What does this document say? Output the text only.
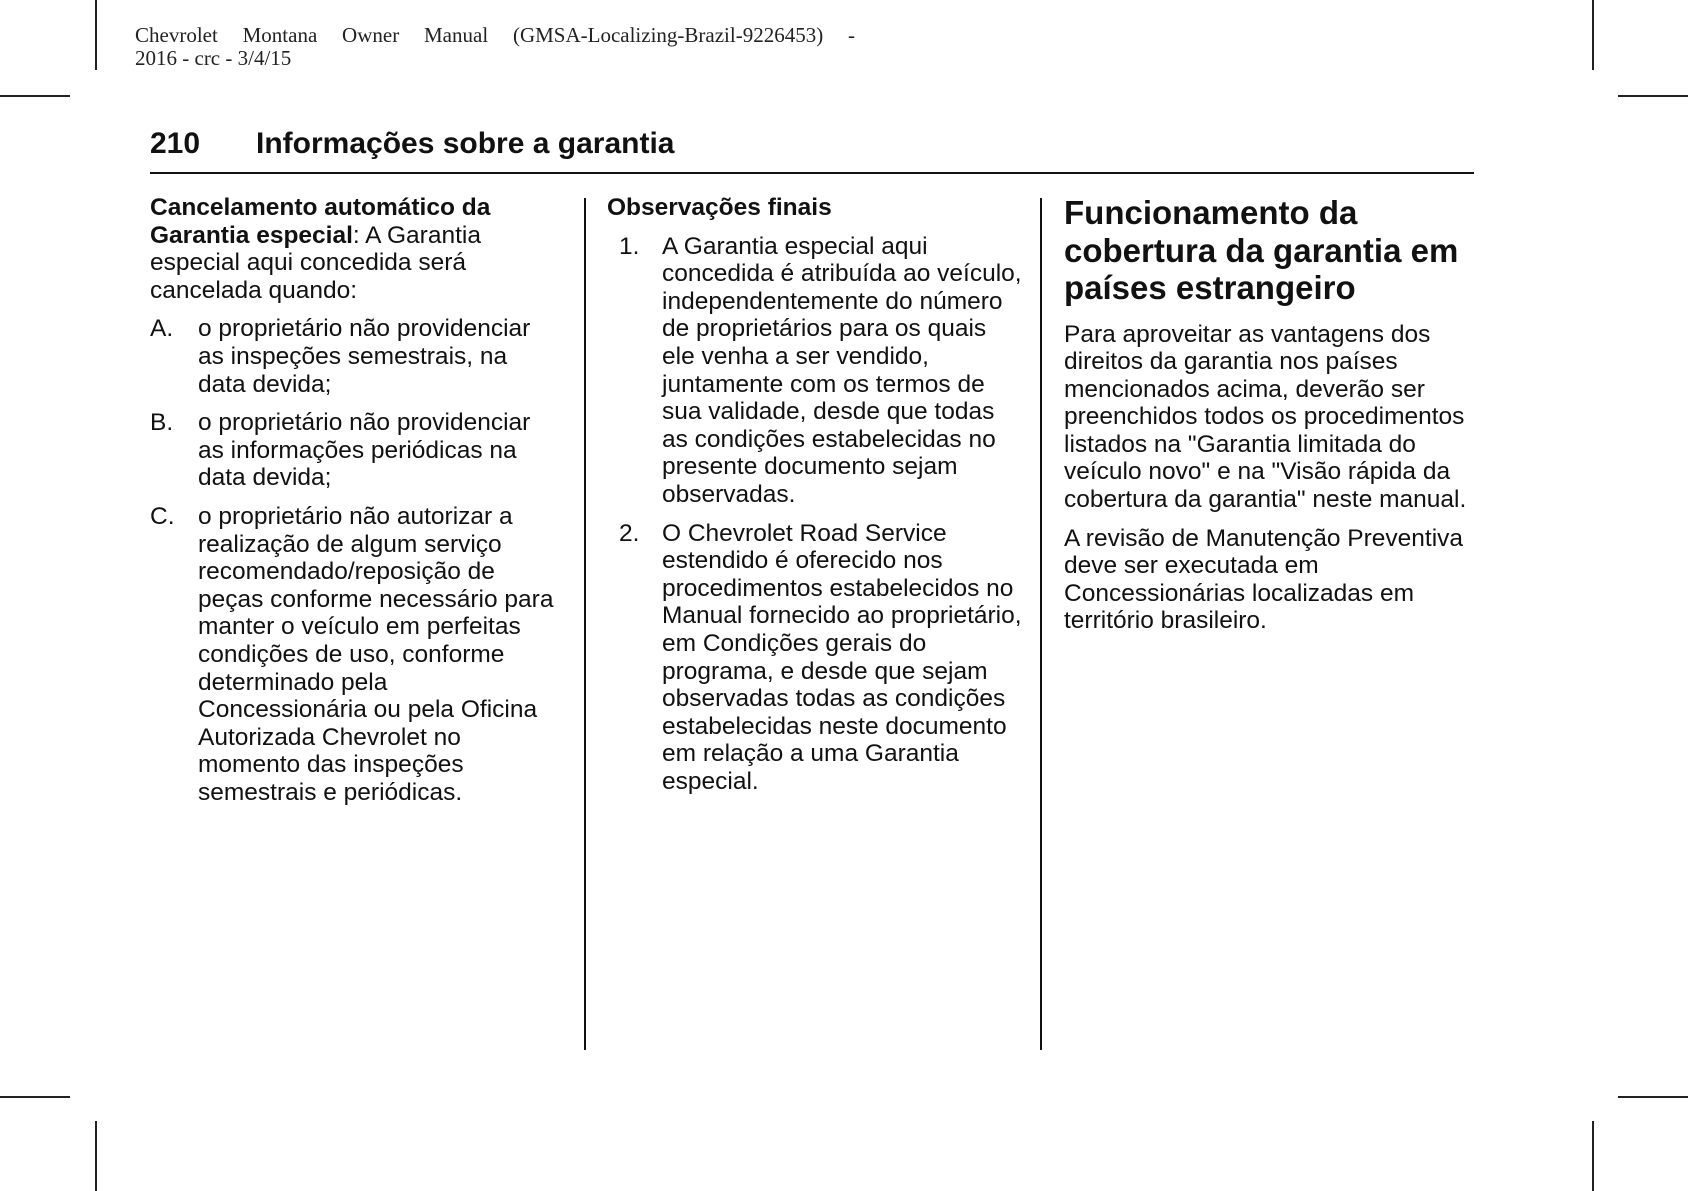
Chevrolet Montana Owner Manual (GMSA-Localizing-Brazil-9226453) -
2016 - crc - 3/4/15
210 Informações sobre a garantia

Cancelamento automático da Garantia especial: A Garantia especial aqui concedida será cancelada quando:

A.	o proprietário não providenciar as inspeções semestrais, na data devida;
B.	o proprietário não providenciar as informações periódicas na data devida;
C. o proprietário não autorizar a realização de algum serviço recomendado/reposição de peças conforme necessário para manter o veículo em perfeitas condições de uso, conforme determinado pela Concessionária ou pela Oficina Autorizada Chevrolet no momento das inspeções semestrais e periódicas.
Observações finais
1. A Garantia especial aqui concedida é atribuída ao veículo, independentemente do número de proprietários para os quais ele venha a ser vendido, juntamente com os termos de sua validade, desde que todas as condições estabelecidas no presente documento sejam observadas.
2. O Chevrolet Road Service estendido é oferecido nos procedimentos estabelecidos no Manual fornecido ao proprietário, em Condições gerais do programa, e desde que sejam observadas todas as condições estabelecidas neste documento em relação a uma Garantia especial.
Funcionamento da cobertura da garantia em países estrangeiro

Para aproveitar as vantagens dos direitos da garantia nos países mencionados acima, deverão ser preenchidos todos os procedimentos listados na "Garantia limitada do veículo novo" e na "Visão rápida da cobertura da garantia" neste manual.

A revisão de Manutenção Preventiva deve ser executada em Concessionárias localizadas em território brasileiro.
